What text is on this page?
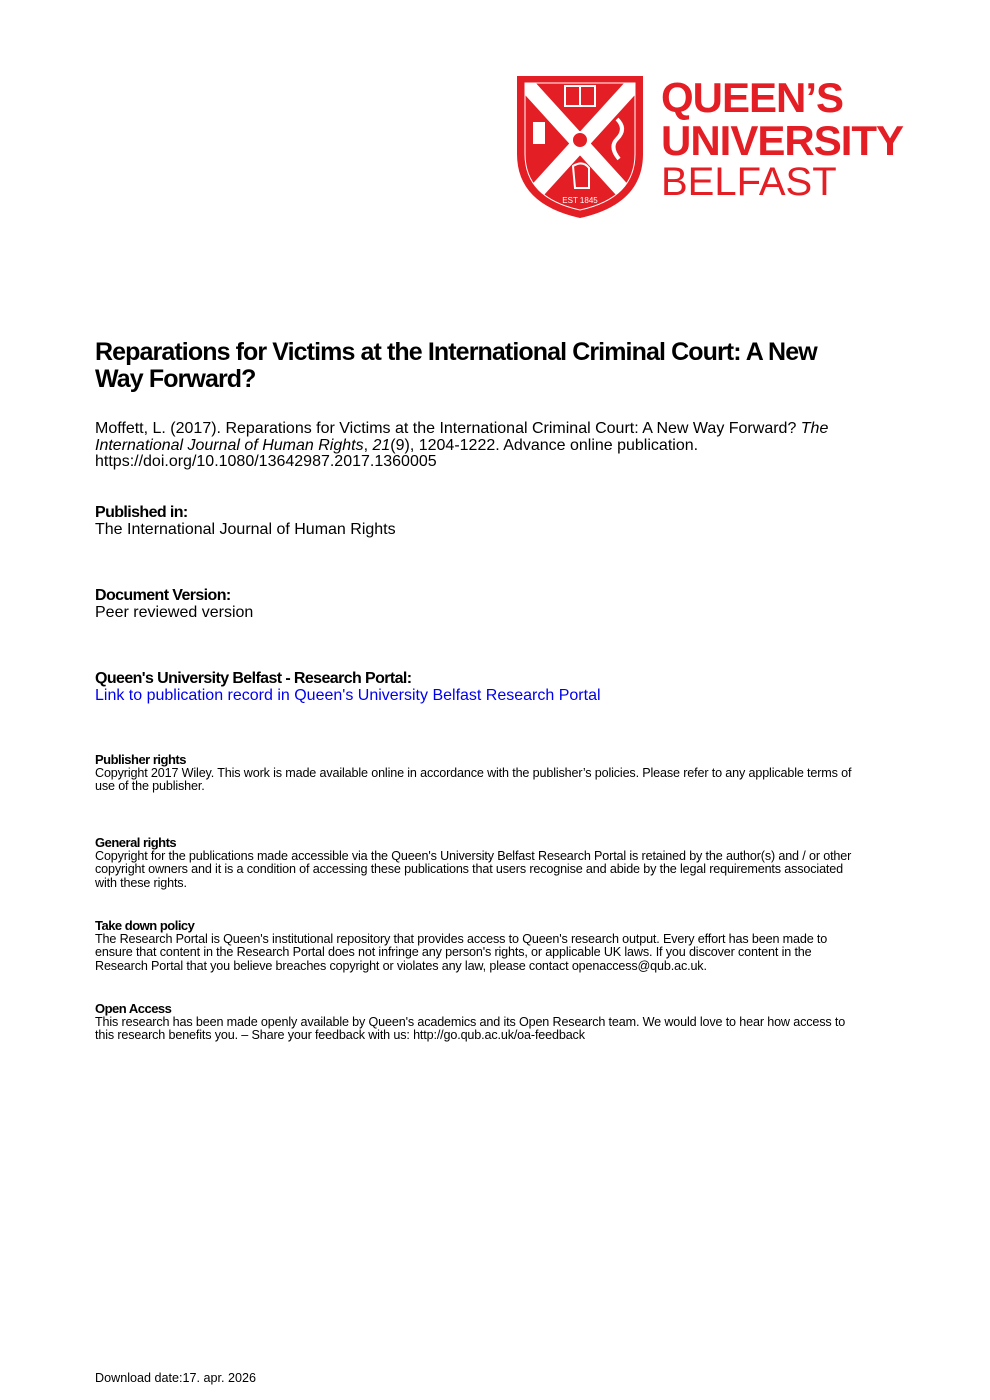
EST 1845
QUEEN’S
UNIVERSITY
BELFAST
Reparations for Victims at the International Criminal Court: A New
Way Forward?
Moffett, L. (2017). Reparations for Victims at the International Criminal Court: A New Way Forward? The
International Journal of Human Rights, 21(9), 1204-1222. Advance online publication.
https://doi.org/10.1080/13642987.2017.1360005
Published in:
The International Journal of Human Rights
Document Version:
Peer reviewed version
Queen's University Belfast - Research Portal:
Link to publication record in Queen's University Belfast Research Portal
Publisher rights
Copyright 2017 Wiley. This work is made available online in accordance with the publisher’s policies. Please refer to any applicable terms of
use of the publisher.
General rights
Copyright for the publications made accessible via the Queen's University Belfast Research Portal is retained by the author(s) and / or other
copyright owners and it is a condition of accessing these publications that users recognise and abide by the legal requirements associated
with these rights.
Take down policy
The Research Portal is Queen's institutional repository that provides access to Queen's research output. Every effort has been made to
ensure that content in the Research Portal does not infringe any person's rights, or applicable UK laws. If you discover content in the
Research Portal that you believe breaches copyright or violates any law, please contact openaccess@qub.ac.uk.
Open Access
This research has been made openly available by Queen's academics and its Open Research team. We would love to hear how access to
this research benefits you. – Share your feedback with us: http://go.qub.ac.uk/oa-feedback
Download date:17. apr. 2026
